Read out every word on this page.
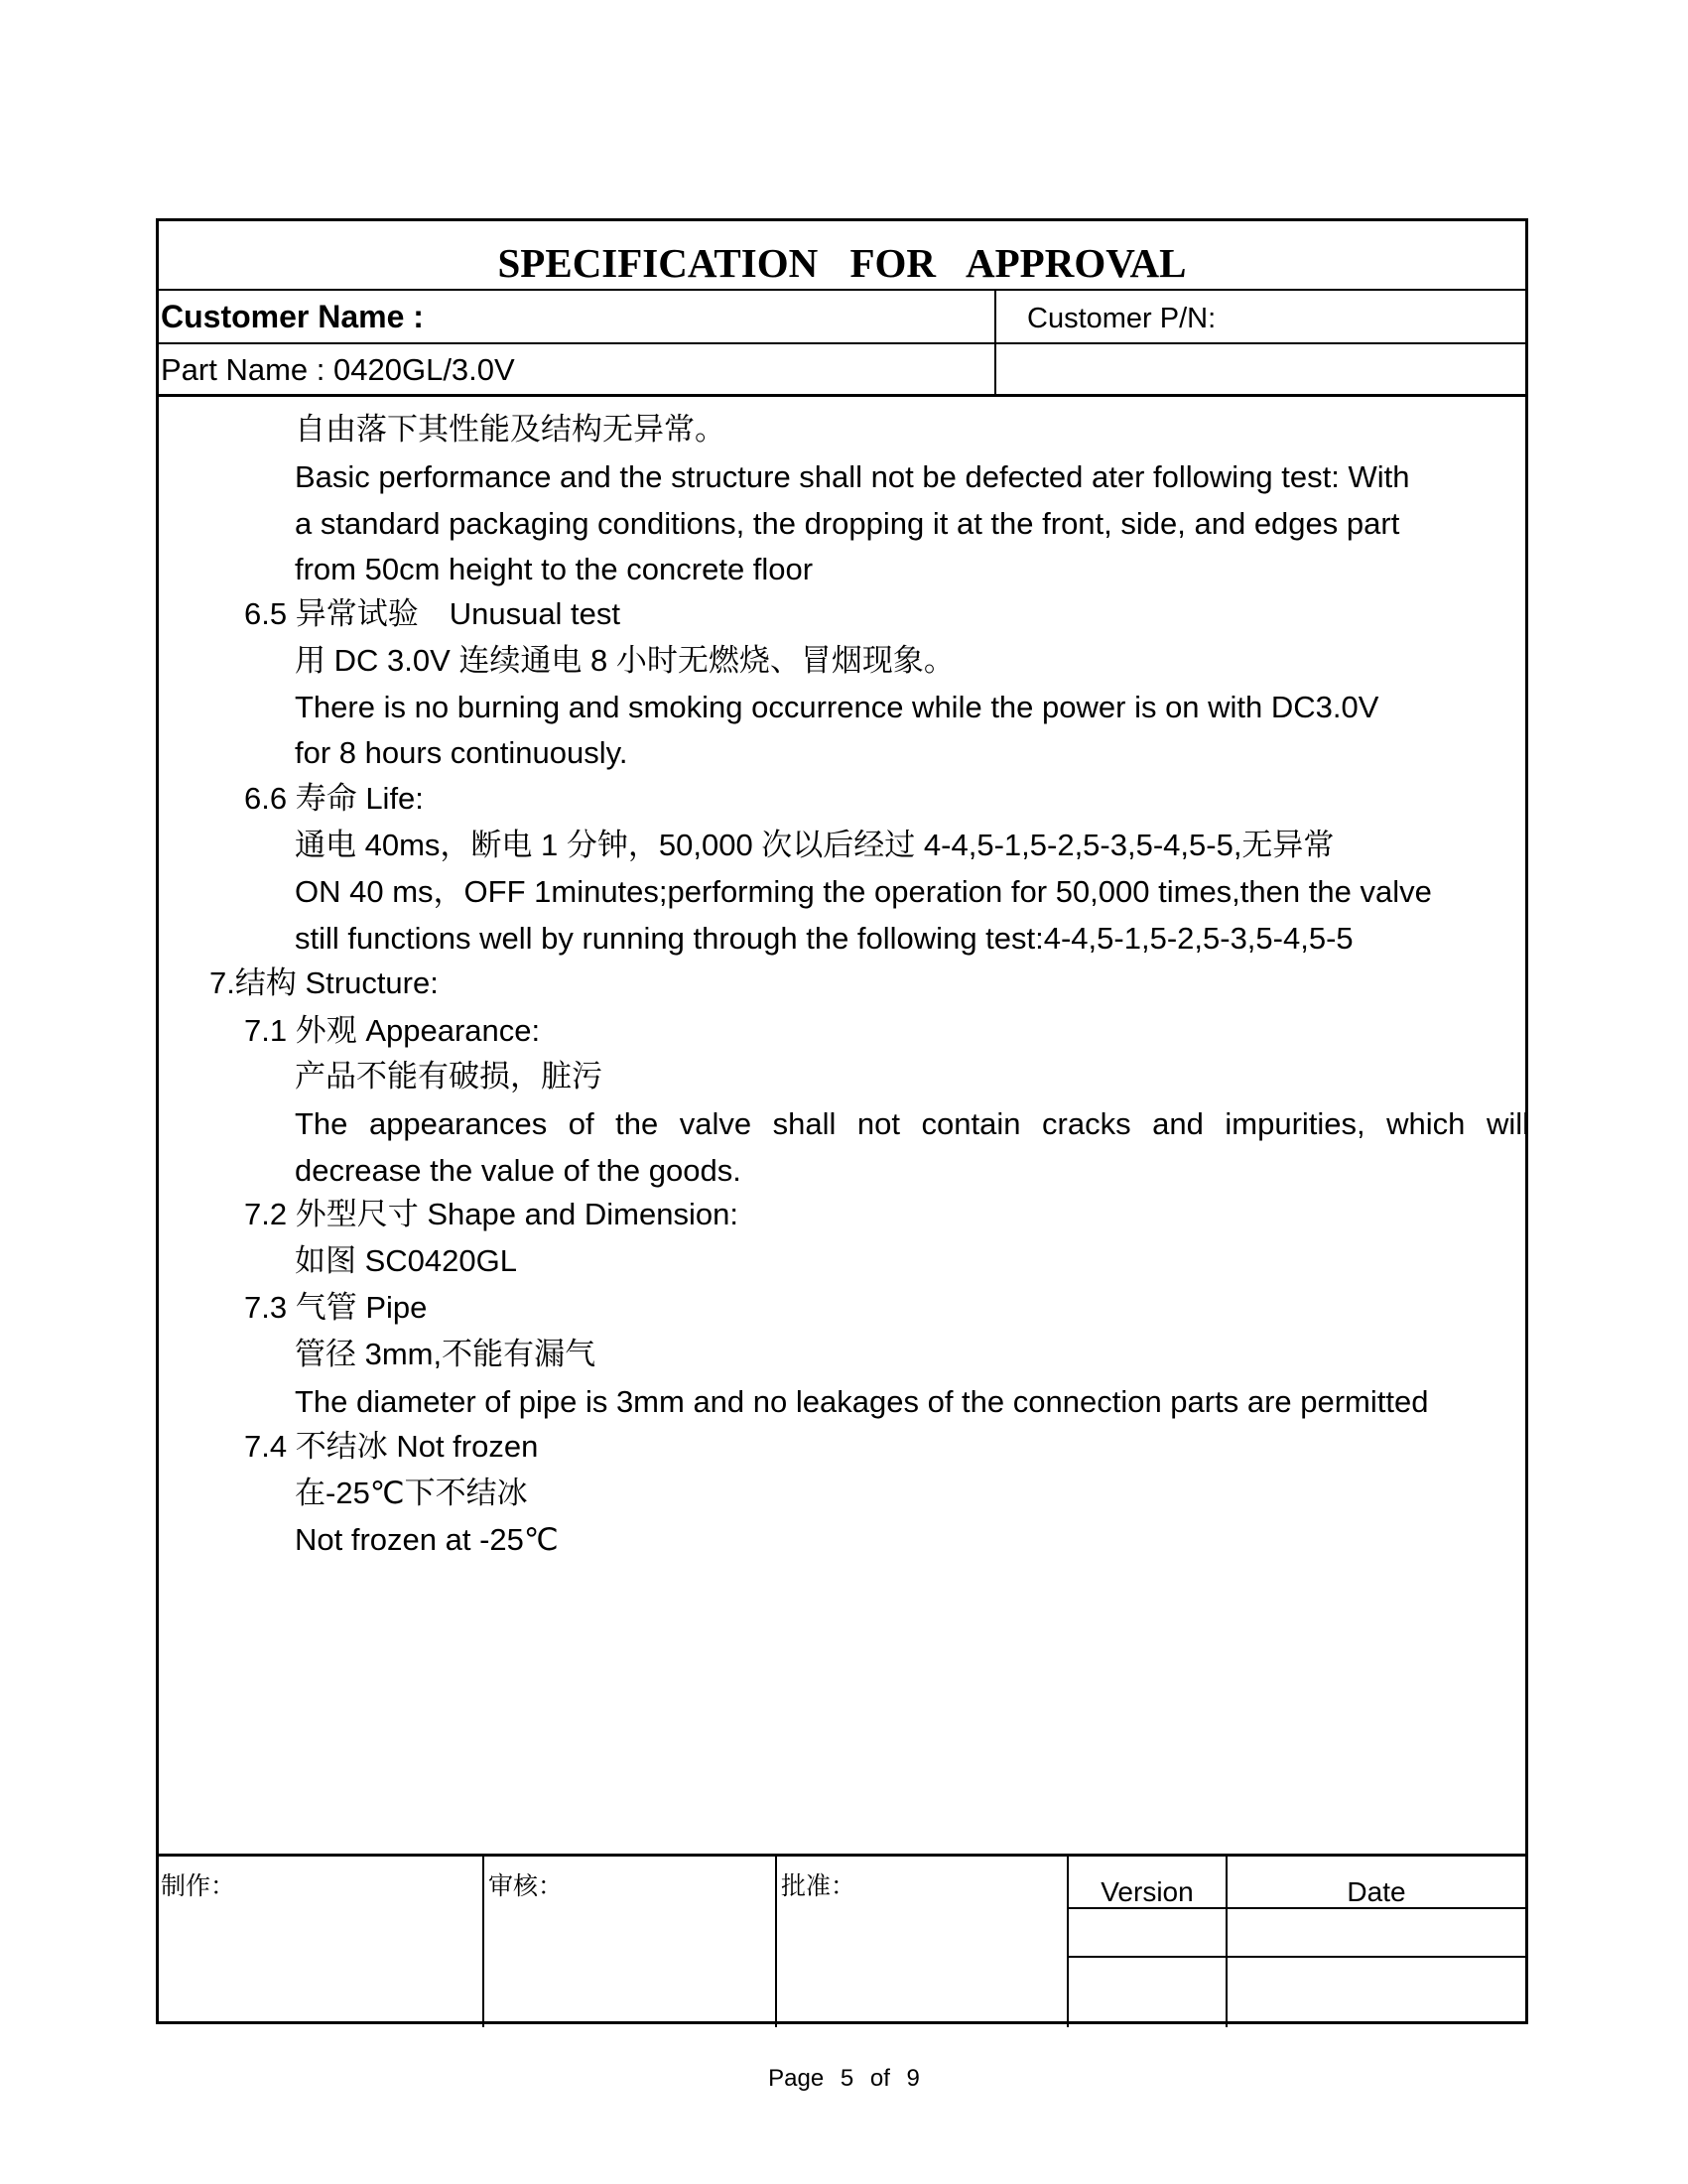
SPECIFICATION FOR APPROVAL
Customer Name :	Customer P/N:
Part Name : 0420GL/3.0V
自由落下其性能及结构无异常。
Basic performance and the structure shall not be defected ater following test: With
a standard packaging conditions, the dropping it at the front, side, and edges part
from 50cm height to the concrete floor
6.5 异常试验　Unusual test
用 DC 3.0V 连续通电 8 小时无燃烧、冒烟现象。
There is no burning and smoking occurrence while the power is on with DC3.0V
for 8 hours continuously.
6.6 寿命 Life:
通电 40ms，断电 1 分钟，50,000 次以后经过 4-4,5-1,5-2,5-3,5-4,5-5,无异常
ON 40 ms，OFF 1minutes;performing the operation for 50,000 times,then the valve
still functions well by running through the following test:4-4,5-1,5-2,5-3,5-4,5-5
7.结构 Structure:
7.1 外观 Appearance:
产品不能有破损，脏污
The appearances of the valve shall not contain cracks and impurities, which will
decrease the value of the goods.
7.2 外型尺寸 Shape and Dimension:
如图 SC0420GL
7.3 气管 Pipe
管径 3mm,不能有漏气
The diameter of pipe is 3mm and no leakages of the connection parts are permitted
7.4 不结冰 Not frozen
在-25℃下不结冰
Not frozen at -25℃
制作：	审核：	批准：	Version	Date
Page 5 of 9
